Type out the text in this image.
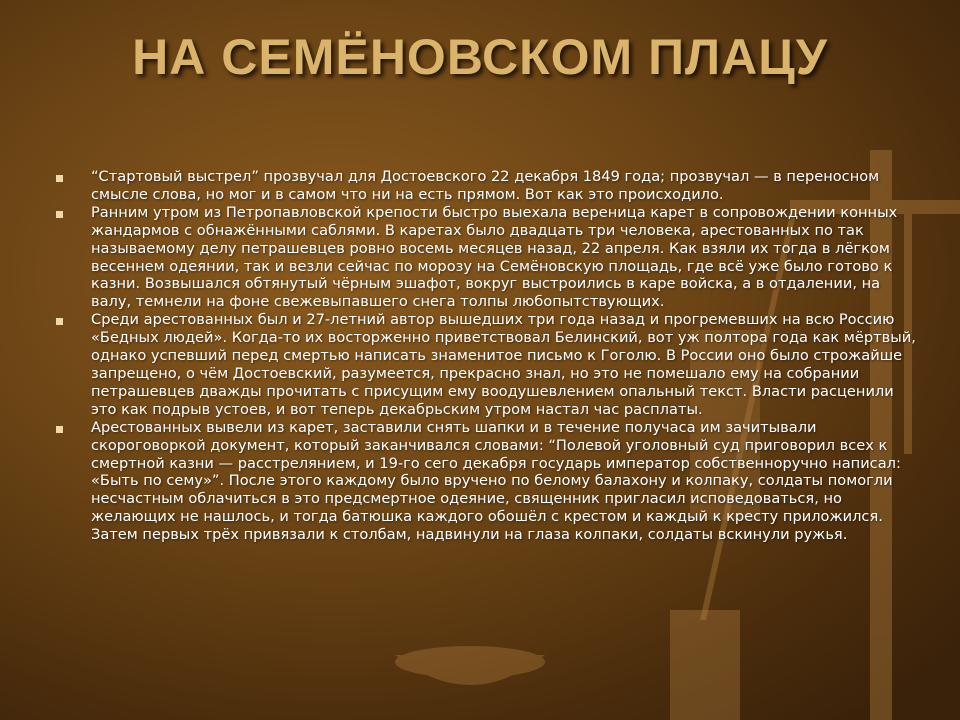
НА СЕМЁНОВСКОМ ПЛАЦУ
“Стартовый выстрел” прозвучал для Достоевского 22 декабря 1849 года; прозвучал — в переносном смысле слова, но мог и в самом что ни на есть прямом. Вот как это происходило.
Ранним утром из Петропавловской крепости быстро выехала вереница карет в сопровождении конных жандармов с обнажёнными саблями. В каретах было двадцать три человека, арестованных по так называемому делу петрашевцев ровно восемь месяцев назад, 22 апреля. Как взяли их тогда в лёгком весеннем одеянии, так и везли сейчас по морозу на Семёновскую площадь, где всё уже было готово к казни. Возвышался обтянутый чёрным эшафот, вокруг выстроились в каре войска, а в отдалении, на валу, темнели на фоне свежевыпавшего снега толпы любопытствующих.
Среди арестованных был и 27-летний автор вышедших три года назад и прогремевших на всю Россию «Бедных людей». Когда-то их восторженно приветствовал Белинский, вот уж полтора года как мёртвый, однако успевший перед смертью написать знаменитое письмо к Гоголю. В России оно было строжайше запрещено, о чём Достоевский, разумеется, прекрасно знал, но это не помешало ему на собрании петрашевцев дважды прочитать с присущим ему воодушевлением опальный текст. Власти расценили это как подрыв устоев, и вот теперь декабрьским утром настал час расплаты.
Арестованных вывели из карет, заставили снять шапки и в течение получаса им зачитывали скороговоркой документ, который заканчивался словами: “Полевой уголовный суд приговорил всех к смертной казни — расстрелянием, и 19-го сего декабря государь император собственноручно написал: «Быть по сему»”. После этого каждому было вручено по белому балахону и колпаку, солдаты помогли несчастным облачиться в это предсмертное одеяние, священник пригласил исповедоваться, но желающих не нашлось, и тогда батюшка каждого обошёл с крестом и каждый к кресту приложился. Затем первых трёх привязали к столбам, надвинули на глаза колпаки, солдаты вскинули ружья.
